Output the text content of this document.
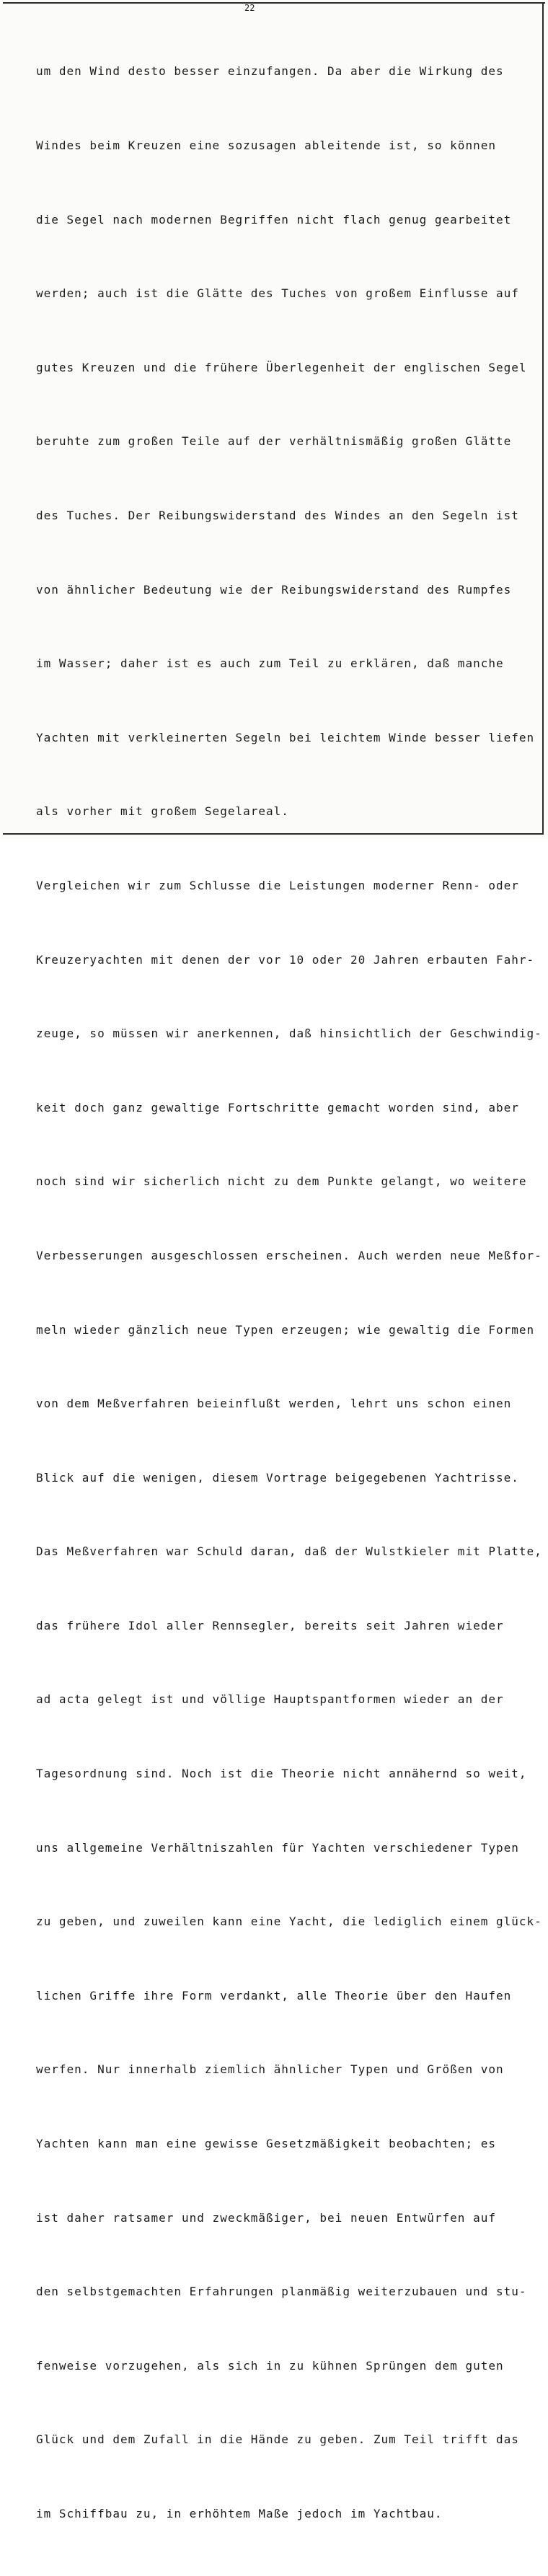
22

um den Wind desto besser einzufangen. Da aber die Wirkung des

Windes beim Kreuzen eine sozusagen ableitende ist, so können

die Segel nach modernen Begriffen nicht flach genug gearbeitet

werden; auch ist die Glätte des Tuches von großem Einflusse auf

gutes Kreuzen und die frühere Überlegenheit der englischen Segel

beruhte zum großen Teile auf der verhältnismäßig großen Glätte

des Tuches. Der Reibungswiderstand des Windes an den Segeln ist

von ähnlicher Bedeutung wie der Reibungswiderstand des Rumpfes

im Wasser; daher ist es auch zum Teil zu erklären, daß manche

Yachten mit verkleinerten Segeln bei leichtem Winde besser liefen

als vorher mit großem Segelareal.

Vergleichen wir zum Schlusse die Leistungen moderner Renn- oder

Kreuzeryachten mit denen der vor 10 oder 20 Jahren erbauten Fahr-

zeuge, so müssen wir anerkennen, daß hinsichtlich der Geschwindig-

keit doch ganz gewaltige Fortschritte gemacht worden sind, aber

noch sind wir sicherlich nicht zu dem Punkte gelangt, wo weitere

Verbesserungen ausgeschlossen erscheinen. Auch werden neue Meßfor-

meln wieder gänzlich neue Typen erzeugen; wie gewaltig die Formen

von dem Meßverfahren beieinflußt werden, lehrt uns schon einen

Blick auf die wenigen, diesem Vortrage beigegebenen Yachtrisse.

Das Meßverfahren war Schuld daran, daß der Wulstkieler mit Platte,

das frühere Idol aller Rennsegler, bereits seit Jahren wieder

ad acta gelegt ist und völlige Hauptspantformen wieder an der

Tagesordnung sind. Noch ist die Theorie nicht annähernd so weit,

uns allgemeine Verhältniszahlen für Yachten verschiedener Typen

zu geben, und zuweilen kann eine Yacht, die lediglich einem glück-

lichen Griffe ihre Form verdankt, alle Theorie über den Haufen

werfen. Nur innerhalb ziemlich ähnlicher Typen und Größen von

Yachten kann man eine gewisse Gesetzmäßigkeit beobachten; es

ist daher ratsamer und zweckmäßiger, bei neuen Entwürfen auf

den selbstgemachten Erfahrungen planmäßig weiterzubauen und stu-

fenweise vorzugehen, als sich in zu kühnen Sprüngen dem guten

Glück und dem Zufall in die Hände zu geben. Zum Teil trifft das

im Schiffbau zu, in erhöhtem Maße jedoch im Yachtbau.
